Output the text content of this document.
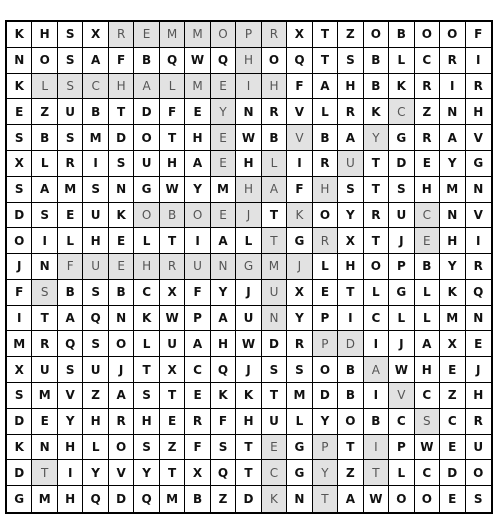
K	H	S	X	R	E	M	M	O	P	R	X	T	Z	O	B	O	O	F
N	O	S	A	F	B	Q	W	Q	H	O	Q	T	S	B	L	C	R	I
K	L	S	C	H	A	L	M	E	I	H	F	A	H	B	K	R	I	R
E	Z	U	B	T	D	F	E	Y	N	R	V	L	R	K	C	Z	N	H
S	B	S	M	D	O	T	H	E	W	B	V	B	A	Y	G	R	A	V
X	L	R	I	S	U	H	A	E	H	L	I	R	U	T	D	E	Y	G
S	A	M	S	N	G	W	Y	M	H	A	F	H	S	T	S	H	M	N
D	S	E	U	K	O	B	O	E	J	T	K	O	Y	R	U	C	N	V
O	I	L	H	E	L	T	I	A	L	T	G	R	X	T	J	E	H	I
J	N	F	U	E	H	R	U	N	G	M	J	L	H	O	P	B	Y	R
F	S	B	S	B	C	X	F	Y	J	U	X	E	T	L	G	L	K	Q
I	T	A	Q	N	K	W	P	A	U	N	Y	P	I	C	L	L	M	N
M	R	Q	S	O	L	U	A	H	W	D	R	P	D	I	J	A	X	E
X	U	S	U	J	T	X	C	Q	J	S	S	O	B	A	W	H	E	J
S	M	V	Z	A	S	T	E	K	K	T	M	D	B	I	V	C	Z	H
D	E	Y	H	R	H	E	R	F	H	U	L	Y	O	B	C	S	C	R
K	N	H	L	O	S	Z	F	S	T	E	G	P	T	I	P	W	E	U
D	T	I	Y	V	Y	T	X	Q	T	C	G	Y	Z	T	L	C	D	O
G	M	H	Q	D	Q	M	B	Z	D	K	N	T	A	W	O	O	E	S
